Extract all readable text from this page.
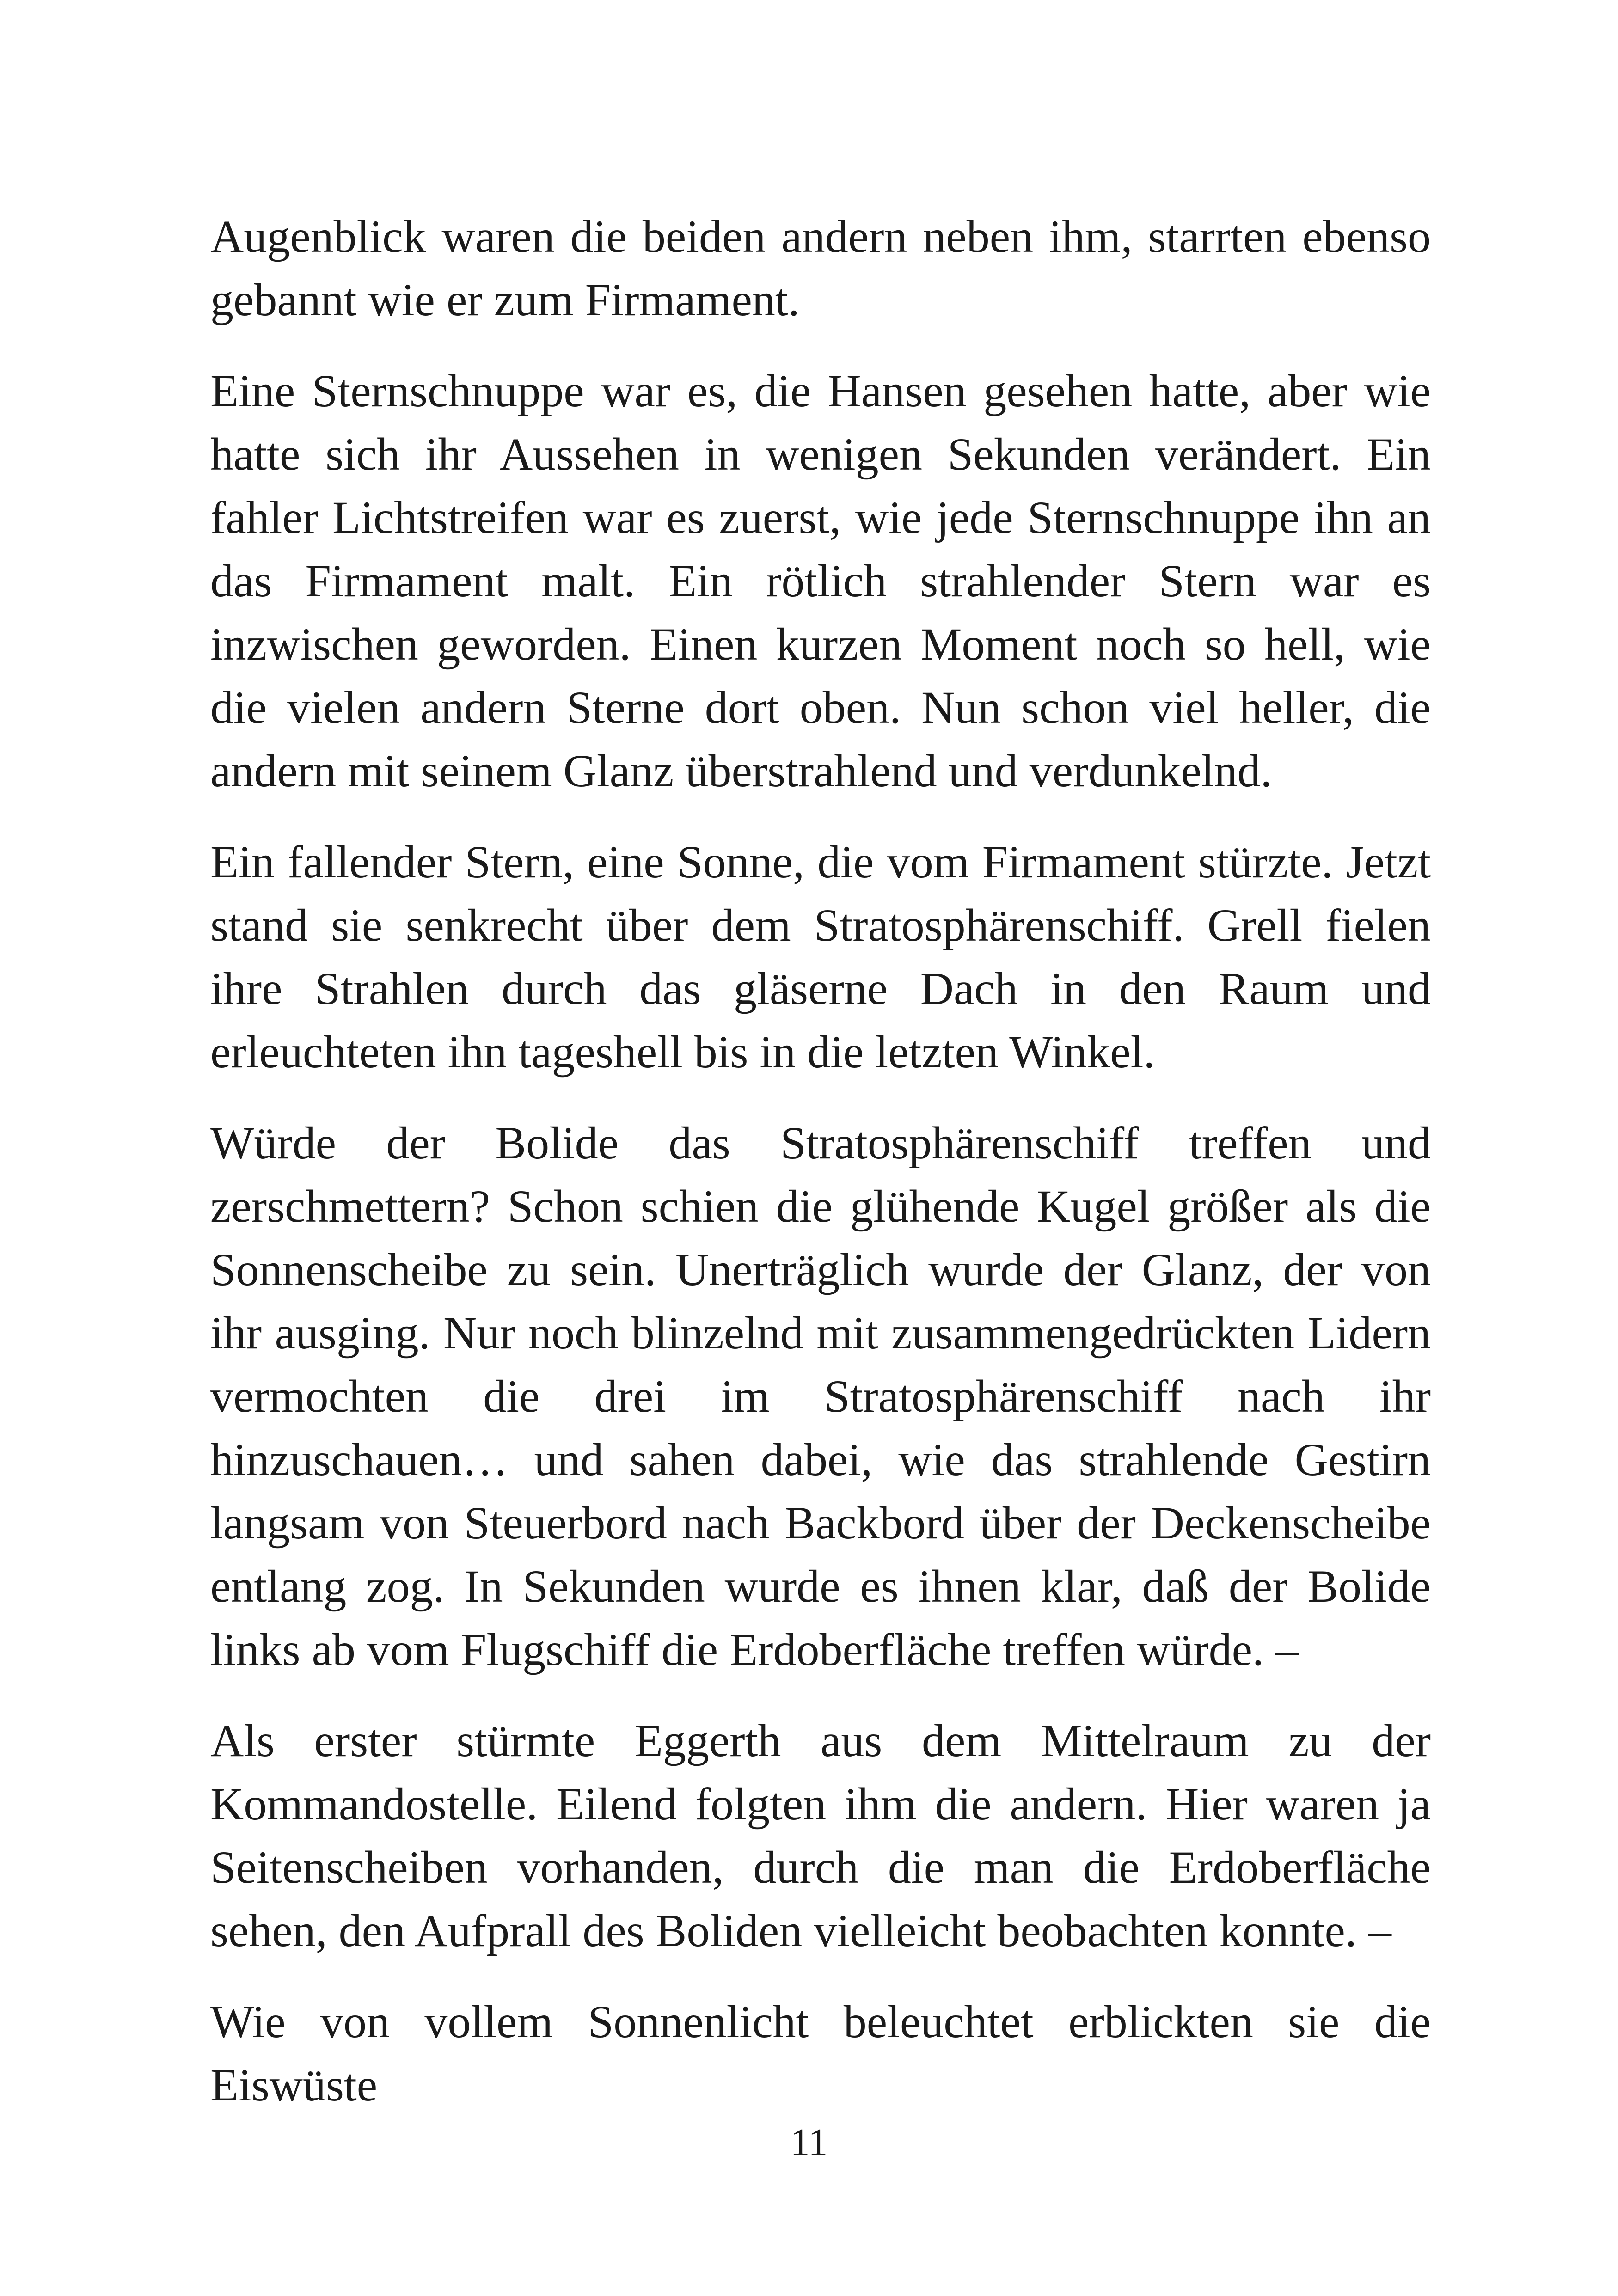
Augenblick waren die beiden andern neben ihm, starrten ebenso gebannt wie er zum Firmament.

Eine Sternschnuppe war es, die Hansen gesehen hatte, aber wie hatte sich ihr Aussehen in wenigen Sekunden verändert. Ein fahler Lichtstreifen war es zuerst, wie jede Sternschnuppe ihn an das Firmament malt. Ein rötlich strahlender Stern war es inzwischen geworden. Einen kurzen Moment noch so hell, wie die vielen andern Sterne dort oben. Nun schon viel heller, die andern mit seinem Glanz überstrahlend und verdunkelnd.

Ein fallender Stern, eine Sonne, die vom Firmament stürzte. Jetzt stand sie senkrecht über dem Stratosphärenschiff. Grell fielen ihre Strahlen durch das gläserne Dach in den Raum und erleuchteten ihn tageshell bis in die letzten Winkel.

Würde der Bolide das Stratosphärenschiff treffen und zerschmettern? Schon schien die glühende Kugel größer als die Sonnenscheibe zu sein. Unerträglich wurde der Glanz, der von ihr ausging. Nur noch blinzelnd mit zusammengedrückten Lidern vermochten die drei im Stratosphärenschiff nach ihr hinzuschauen… und sahen dabei, wie das strahlende Gestirn langsam von Steuerbord nach Backbord über der Deckenscheibe entlang zog. In Sekunden wurde es ihnen klar, daß der Bolide links ab vom Flugschiff die Erdoberfläche treffen würde. –

Als erster stürmte Eggerth aus dem Mittelraum zu der Kommandostelle. Eilend folgten ihm die andern. Hier waren ja Seitenscheiben vorhanden, durch die man die Erdoberfläche sehen, den Aufprall des Boliden vielleicht beobachten konnte. –

Wie von vollem Sonnenlicht beleuchtet erblickten sie die Eiswüste

11
